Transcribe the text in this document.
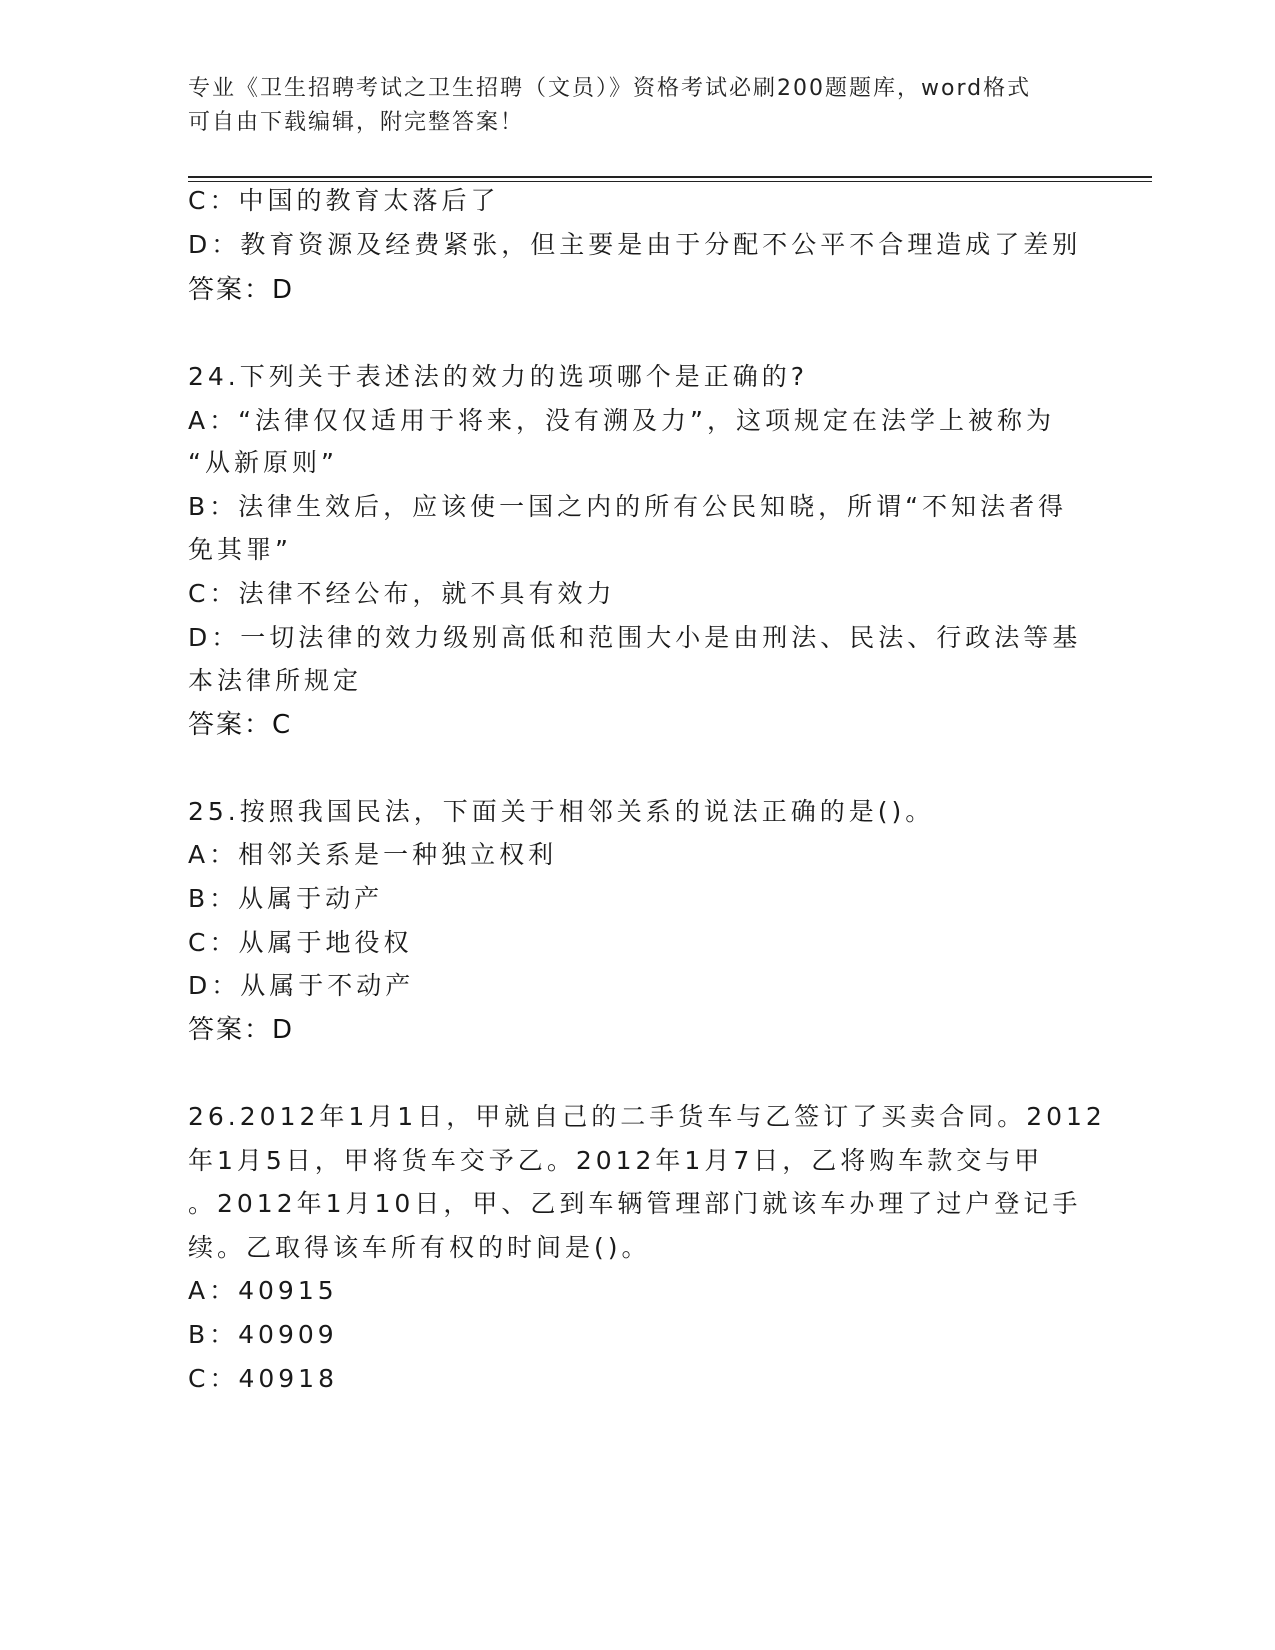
专业《卫生招聘考试之卫生招聘（文员）》资格考试必刷200题题库，word格式
可自由下载编辑，附完整答案！
C：中国的教育太落后了
D：教育资源及经费紧张，但主要是由于分配不公平不合理造成了差别
答案：D
24.下列关于表述法的效力的选项哪个是正确的?
A：“法律仅仅适用于将来，没有溯及力”，这项规定在法学上被称为
“从新原则”
B：法律生效后，应该使一国之内的所有公民知晓，所谓“不知法者得
免其罪”
C：法律不经公布，就不具有效力
D：一切法律的效力级别高低和范围大小是由刑法、民法、行政法等基
本法律所规定
答案：C
25.按照我国民法，下面关于相邻关系的说法正确的是()。
A：相邻关系是一种独立权利
B：从属于动产
C：从属于地役权
D：从属于不动产
答案：D
26.2012年1月1日，甲就自己的二手货车与乙签订了买卖合同。2012
年1月5日，甲将货车交予乙。2012年1月7日，乙将购车款交与甲
。2012年1月10日，甲、乙到车辆管理部门就该车办理了过户登记手
续。乙取得该车所有权的时间是()。
A：40915
B：40909
C：40918
